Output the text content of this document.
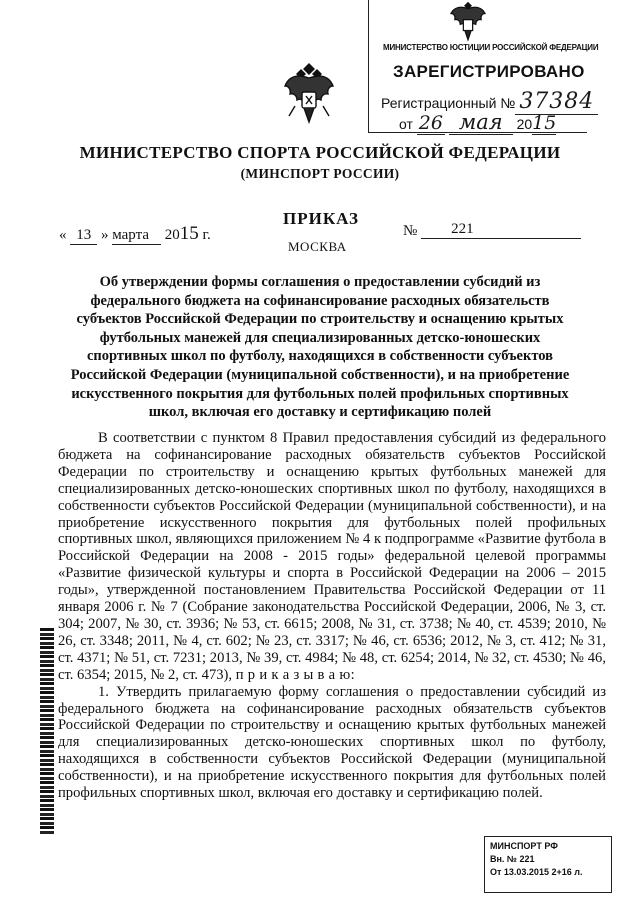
МИНИСТЕРСТВО ЮСТИЦИИ РОССИЙСКОЙ ФЕДЕРАЦИИ
ЗАРЕГИСТРИРОВАНО
Регистрационный № 37384
от 26 мая 2015
МИНИСТЕРСТВО СПОРТА РОССИЙСКОЙ ФЕДЕРАЦИИ
(МИНСПОРТ РОССИИ)
ПРИКАЗ
МОСКВА
« 13 » марта 2015 г.	№ 221
Об утверждении формы соглашения о предоставлении субсидий из федерального бюджета на софинансирование расходных обязательств субъектов Российской Федерации по строительству и оснащению крытых футбольных манежей для специализированных детско-юношеских спортивных школ по футболу, находящихся в собственности субъектов Российской Федерации (муниципальной собственности), и на приобретение искусственного покрытия для футбольных полей профильных спортивных школ, включая его доставку и сертификацию полей

В соответствии с пунктом 8 Правил предоставления субсидий из федерального бюджета на софинансирование расходных обязательств субъектов Российской Федерации по строительству и оснащению крытых футбольных манежей для специализированных детско-юношеских спортивных школ по футболу, находящихся в собственности субъектов Российской Федерации (муниципальной собственности), и на приобретение искусственного покрытия для футбольных полей профильных спортивных школ, являющихся приложением № 4 к подпрограмме «Развитие футбола в Российской Федерации на 2008 - 2015 годы» федеральной целевой программы «Развитие физической культуры и спорта в Российской Федерации на 2006 – 2015 годы», утвержденной постановлением Правительства Российской Федерации от 11 января 2006 г. № 7 (Собрание законодательства Российской Федерации, 2006, № 3, ст. 304; 2007, № 30, ст. 3936; № 53, ст. 6615; 2008, № 31, ст. 3738; № 40, ст. 4539; 2010, № 26, ст. 3348; 2011, № 4, ст. 602; № 23, ст. 3317; № 46, ст. 6536; 2012, № 3, ст. 412; № 31, ст. 4371; № 51, ст. 7231; 2013, № 39, ст. 4984; № 48, ст. 6254; 2014, № 32, ст. 4530; № 46, ст. 6354; 2015, № 2, ст. 473), п р и к а з ы в а ю:

1. Утвердить прилагаемую форму соглашения о предоставлении субсидий из федерального бюджета на софинансирование расходных обязательств субъектов Российской Федерации по строительству и оснащению крытых футбольных манежей для специализированных детско-юношеских спортивных школ по футболу, находящихся в собственности субъектов Российской Федерации (муниципальной собственности), и на приобретение искусственного покрытия для футбольных полей профильных спортивных школ, включая его доставку и сертификацию полей.

МИНСПОРТ РФ
Вн. № 221
От 13.03.2015 2+16 л.
